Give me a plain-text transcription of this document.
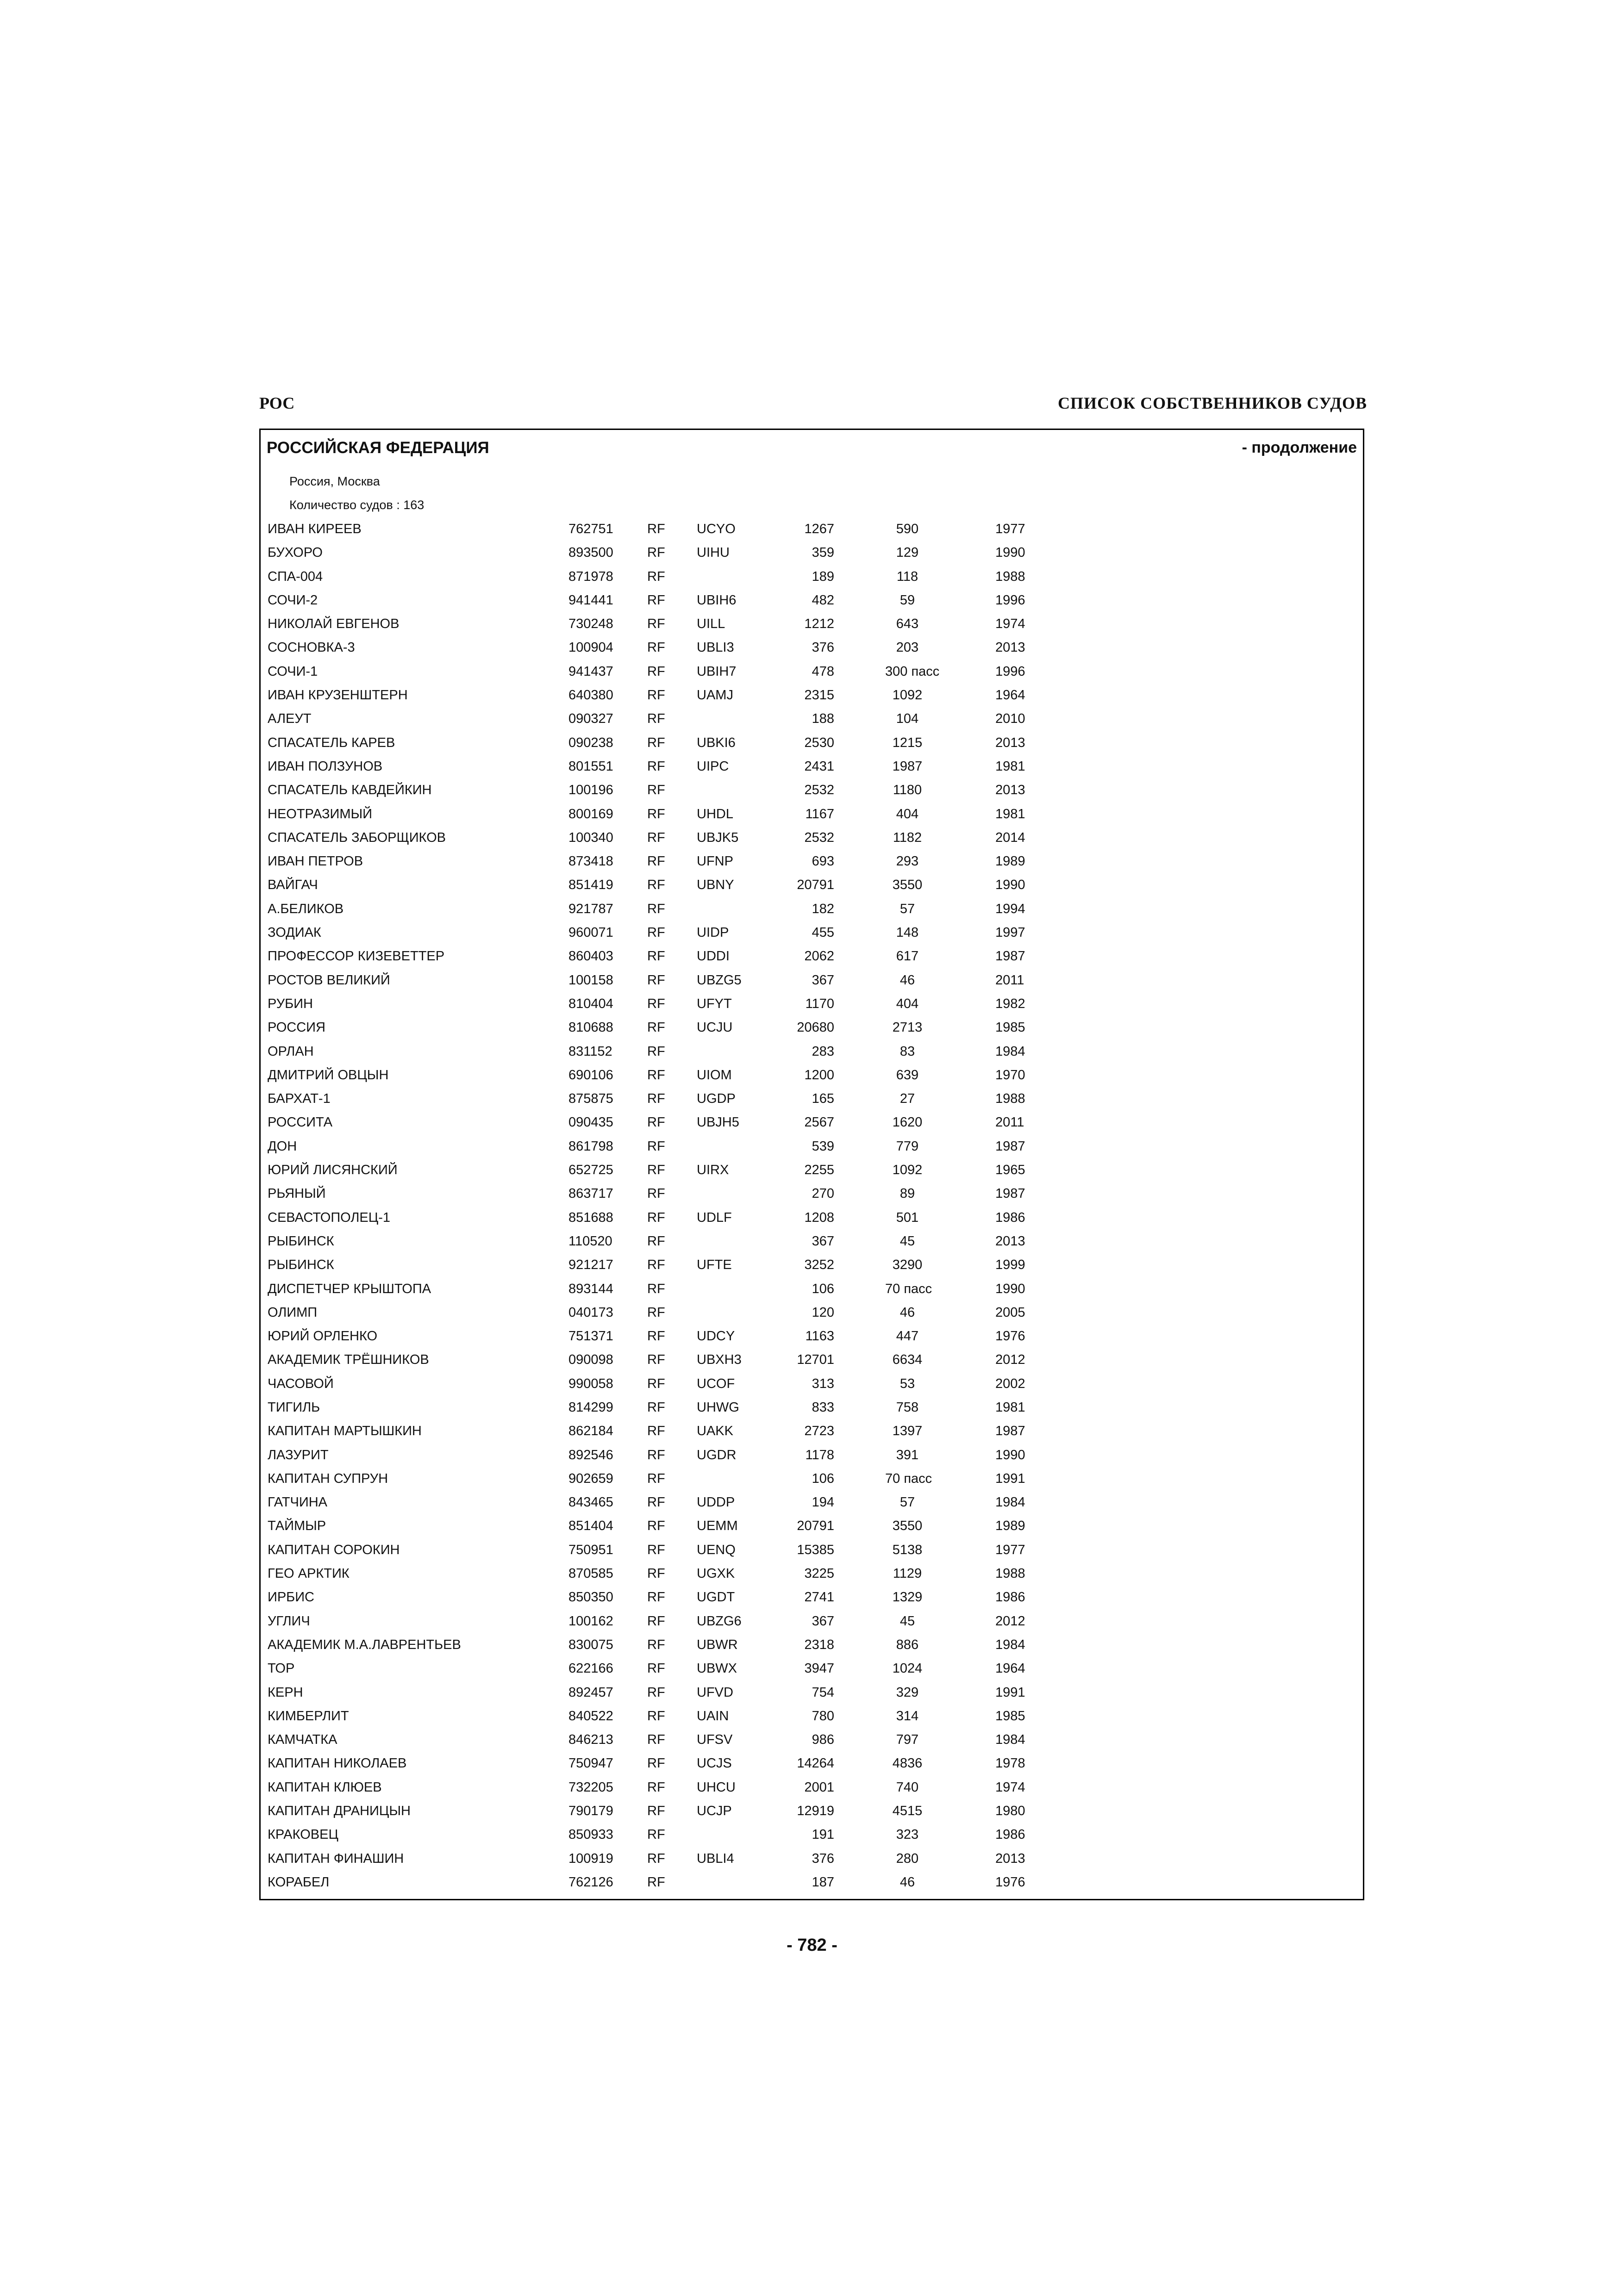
РОС	СПИСОК СОБСТВЕННИКОВ СУДОВ
РОССИЙСКАЯ ФЕДЕРАЦИЯ	- продолжение
Россия, Москва
Количество судов : 163
ИВАН КИРЕЕВ	762751	RF UCYO	1267	590	1977
БУХОРО	893500	RF UIHU	359	129	1990
СПА-004	871978	RF	189	118	1988
СОЧИ-2	941441	RF UBIH6	482	59	1996
НИКОЛАЙ ЕВГЕНОВ	730248	RF UILL	1212	643	1974
СОСНОВКА-3	100904	RF UBLI3	376	203	2013
СОЧИ-1	941437	RF UBIH7	478	300 пасс	1996
ИВАН КРУЗЕНШТЕРН	640380	RF UAMJ	2315	1092	1964
АЛЕУТ	090327	RF	188	104	2010
СПАСАТЕЛЬ КАРЕВ	090238	RF UBKI6	2530	1215	2013
ИВАН ПОЛЗУНОВ	801551	RF UIPC	2431	1987	1981
СПАСАТЕЛЬ КАВДЕЙКИН	100196	RF	2532	1180	2013
НЕОТРАЗИМЫЙ	800169	RF UHDL	1167	404	1981
СПАСАТЕЛЬ ЗАБОРЩИКОВ	100340	RF UBJK5	2532	1182	2014
ИВАН ПЕТРОВ	873418	RF UFNP	693	293	1989
ВАЙГАЧ	851419	RF UBNY	20791	3550	1990
А.БЕЛИКОВ	921787	RF	182	57	1994
ЗОДИАК	960071	RF UIDP	455	148	1997
ПРОФЕССОР КИЗЕВЕТТЕР	860403	RF UDDI	2062	617	1987
РОСТОВ ВЕЛИКИЙ	100158	RF UBZG5	367	46	2011
РУБИН	810404	RF UFYT	1170	404	1982
РОССИЯ	810688	RF UCJU	20680	2713	1985
ОРЛАН	831152	RF	283	83	1984
ДМИТРИЙ ОВЦЫН	690106	RF UIOM	1200	639	1970
БАРХАТ-1	875875	RF UGDP	165	27	1988
РОССИТА	090435	RF UBJH5	2567	1620	2011
ДОН	861798	RF	539	779	1987
ЮРИЙ ЛИСЯНСКИЙ	652725	RF UIRX	2255	1092	1965
РЬЯНЫЙ	863717	RF	270	89	1987
СЕВАСТОПОЛЕЦ-1	851688	RF UDLF	1208	501	1986
РЫБИНСК	110520	RF	367	45	2013
РЫБИНСК	921217	RF UFTE	3252	3290	1999
ДИСПЕТЧЕР КРЫШТОПА	893144	RF	106	70 пасс	1990
ОЛИМП	040173	RF	120	46	2005
ЮРИЙ ОРЛЕНКО	751371	RF UDCY	1163	447	1976
АКАДЕМИК ТРЁШНИКОВ	090098	RF UBXH3	12701	6634	2012
ЧАСОВОЙ	990058	RF UCOF	313	53	2002
ТИГИЛЬ	814299	RF UHWG	833	758	1981
КАПИТАН МАРТЫШКИН	862184	RF UAKK	2723	1397	1987
ЛАЗУРИТ	892546	RF UGDR	1178	391	1990
КАПИТАН СУПРУН	902659	RF	106	70 пасс	1991
ГАТЧИНА	843465	RF UDDP	194	57	1984
ТАЙМЫР	851404	RF UEMM	20791	3550	1989
КАПИТАН СОРОКИН	750951	RF UENQ	15385	5138	1977
ГЕО АРКТИК	870585	RF UGXK	3225	1129	1988
ИРБИС	850350	RF UGDT	2741	1329	1986
УГЛИЧ	100162	RF UBZG6	367	45	2012
АКАДЕМИК М.А.ЛАВРЕНТЬЕВ	830075	RF UBWR	2318	886	1984
ТОР	622166	RF UBWX	3947	1024	1964
КЕРН	892457	RF UFVD	754	329	1991
КИМБЕРЛИТ	840522	RF UAIN	780	314	1985
КАМЧАТКА	846213	RF UFSV	986	797	1984
КАПИТАН НИКОЛАЕВ	750947	RF UCJS	14264	4836	1978
КАПИТАН КЛЮЕВ	732205	RF UHCU	2001	740	1974
КАПИТАН ДРАНИЦЫН	790179	RF UCJP	12919	4515	1980
КРАКОВЕЦ	850933	RF	191	323	1986
КАПИТАН ФИНАШИН	100919	RF UBLI4	376	280	2013
КОРАБЕЛ	762126	RF	187	46	1976
- 782 -
